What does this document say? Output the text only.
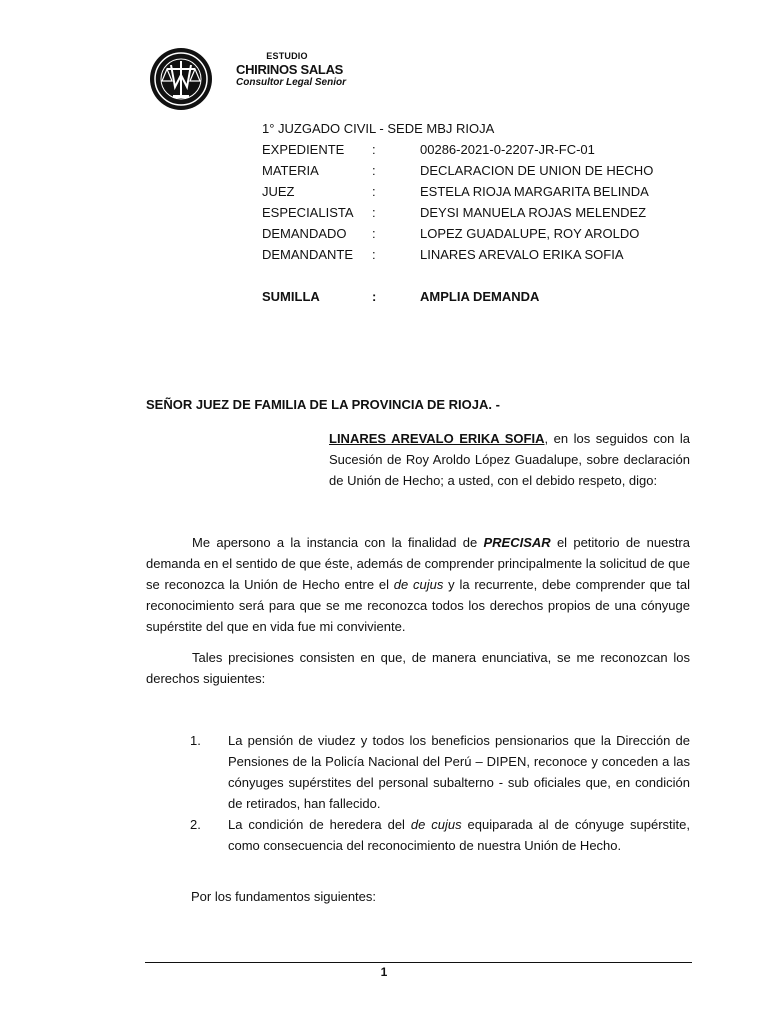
ESTUDIO
CHIRINOS SALAS
Consultor Legal Senior
1° JUZGADO CIVIL - SEDE MBJ RIOJA
EXPEDIENTE	:	00286-2021-0-2207-JR-FC-01
MATERIA	:	DECLARACION DE UNION DE HECHO
JUEZ	:	ESTELA RIOJA MARGARITA BELINDA
ESPECIALISTA	:	DEYSI MANUELA ROJAS MELENDEZ
DEMANDADO	:	LOPEZ GUADALUPE, ROY AROLDO
DEMANDANTE	:	LINARES AREVALO ERIKA SOFIA
SUMILLA	:	AMPLIA DEMANDA
SEÑOR JUEZ DE FAMILIA DE LA PROVINCIA DE RIOJA. -
LINARES AREVALO ERIKA SOFIA, en los seguidos con la Sucesión de Roy Aroldo López Guadalupe, sobre declaración de Unión de Hecho; a usted, con el debido respeto, digo:
Me apersono a la instancia con la finalidad de PRECISAR el petitorio de nuestra demanda en el sentido de que éste, además de comprender principalmente la solicitud de que se reconozca la Unión de Hecho entre el de cujus y la recurrente, debe comprender que tal reconocimiento será para que se me reconozca todos los derechos propios de una cónyuge supérstite del que en vida fue mi conviviente.
Tales precisiones consisten en que, de manera enunciativa, se me reconozcan los derechos siguientes:
1.	La pensión de viudez y todos los beneficios pensionarios que la Dirección de Pensiones de la Policía Nacional del Perú – DIPEN, reconoce y conceden a las cónyuges supérstites del personal subalterno - sub oficiales que, en condición de retirados, han fallecido.
2.	La condición de heredera del de cujus equiparada al de cónyuge supérstite, como consecuencia del reconocimiento de nuestra Unión de Hecho.
Por los fundamentos siguientes:
1
